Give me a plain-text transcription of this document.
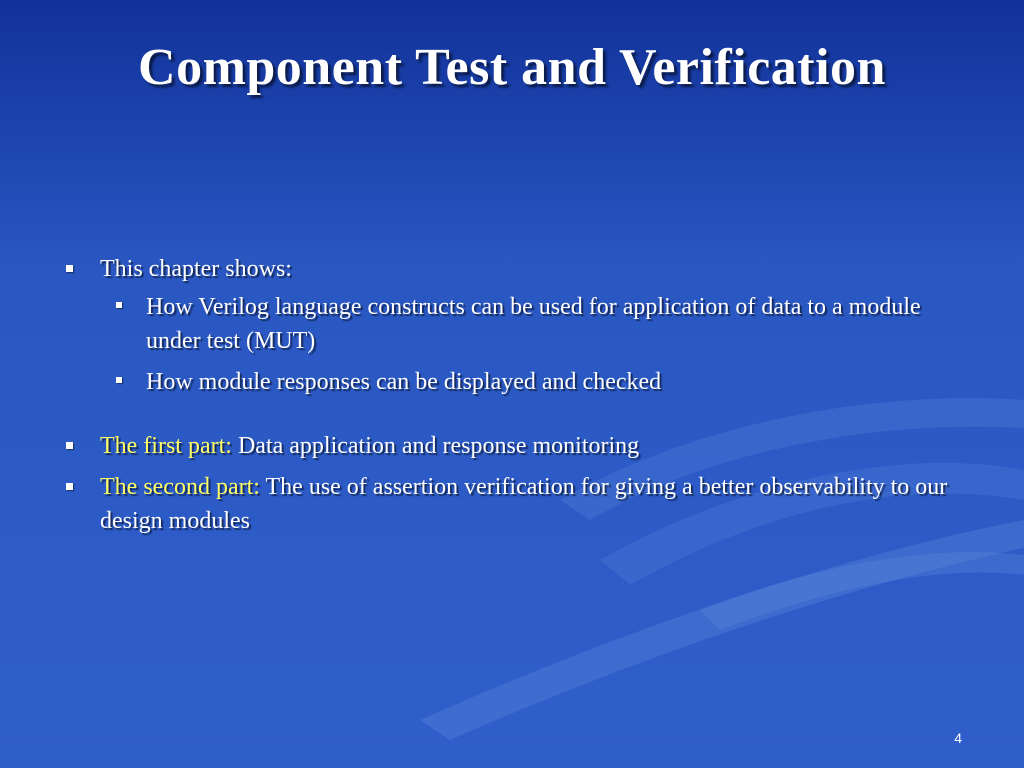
Component Test and Verification
This chapter shows:
How Verilog language constructs can be used for application of data to a module under test (MUT)
How module responses can be displayed and checked
The first part: Data application and response monitoring
The second part: The use of assertion verification for giving a better observability to our design modules
4
